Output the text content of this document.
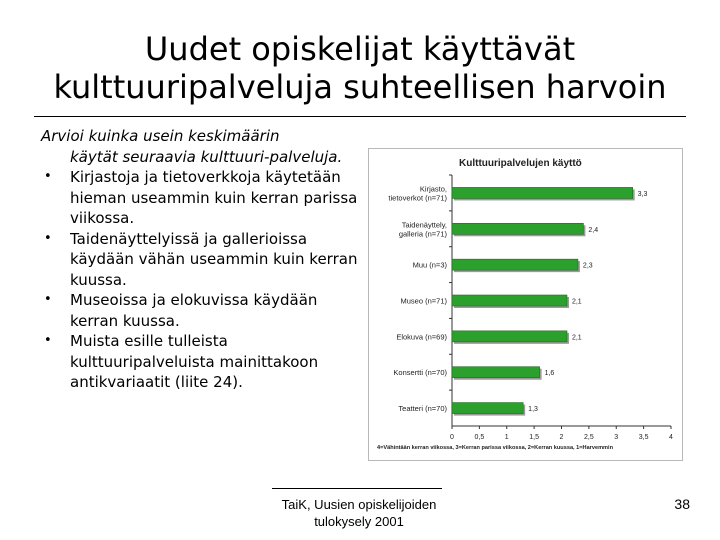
Uudet opiskelijat käyttävät
kulttuuripalveluja suhteellisen harvoin
Arvioi kuinka usein keskimäärin
käytät seuraavia kulttuuri-palveluja.
• Kirjastoja ja tietoverkkoja käytetään hieman useammin kuin kerran parissa viikossa.
• Taidenäyttelyissä ja gallerioissa käydään vähän useammin kuin kerran kuussa.
• Museoissa ja elokuvissa käydään kerran kuussa.
• Muista esille tulleista kulttuuripalveluista mainittakoon antikvariaatit (liite 24).
Kulttuuripalvelujen käyttö
3,3
Kirjasto,
tietoverkot (n=71)
2,4
Taidenäyttely,
galleria (n=71)
2,3
Muu (n=3)
2,1
Museo (n=71)
2,1
Elokuva (n=69)
1,6
Konsertti (n=70)
1,3
Teatteri (n=70)
0	0,5	1	1,5	2	2,5	3	3,5	4
4=Vähintään kerran viikossa, 3=Kerran parissa viikossa, 2=Kerran kuussa, 1=Harvemmin
TaiK, Uusien opiskelijoiden tulokysely 2001
38
